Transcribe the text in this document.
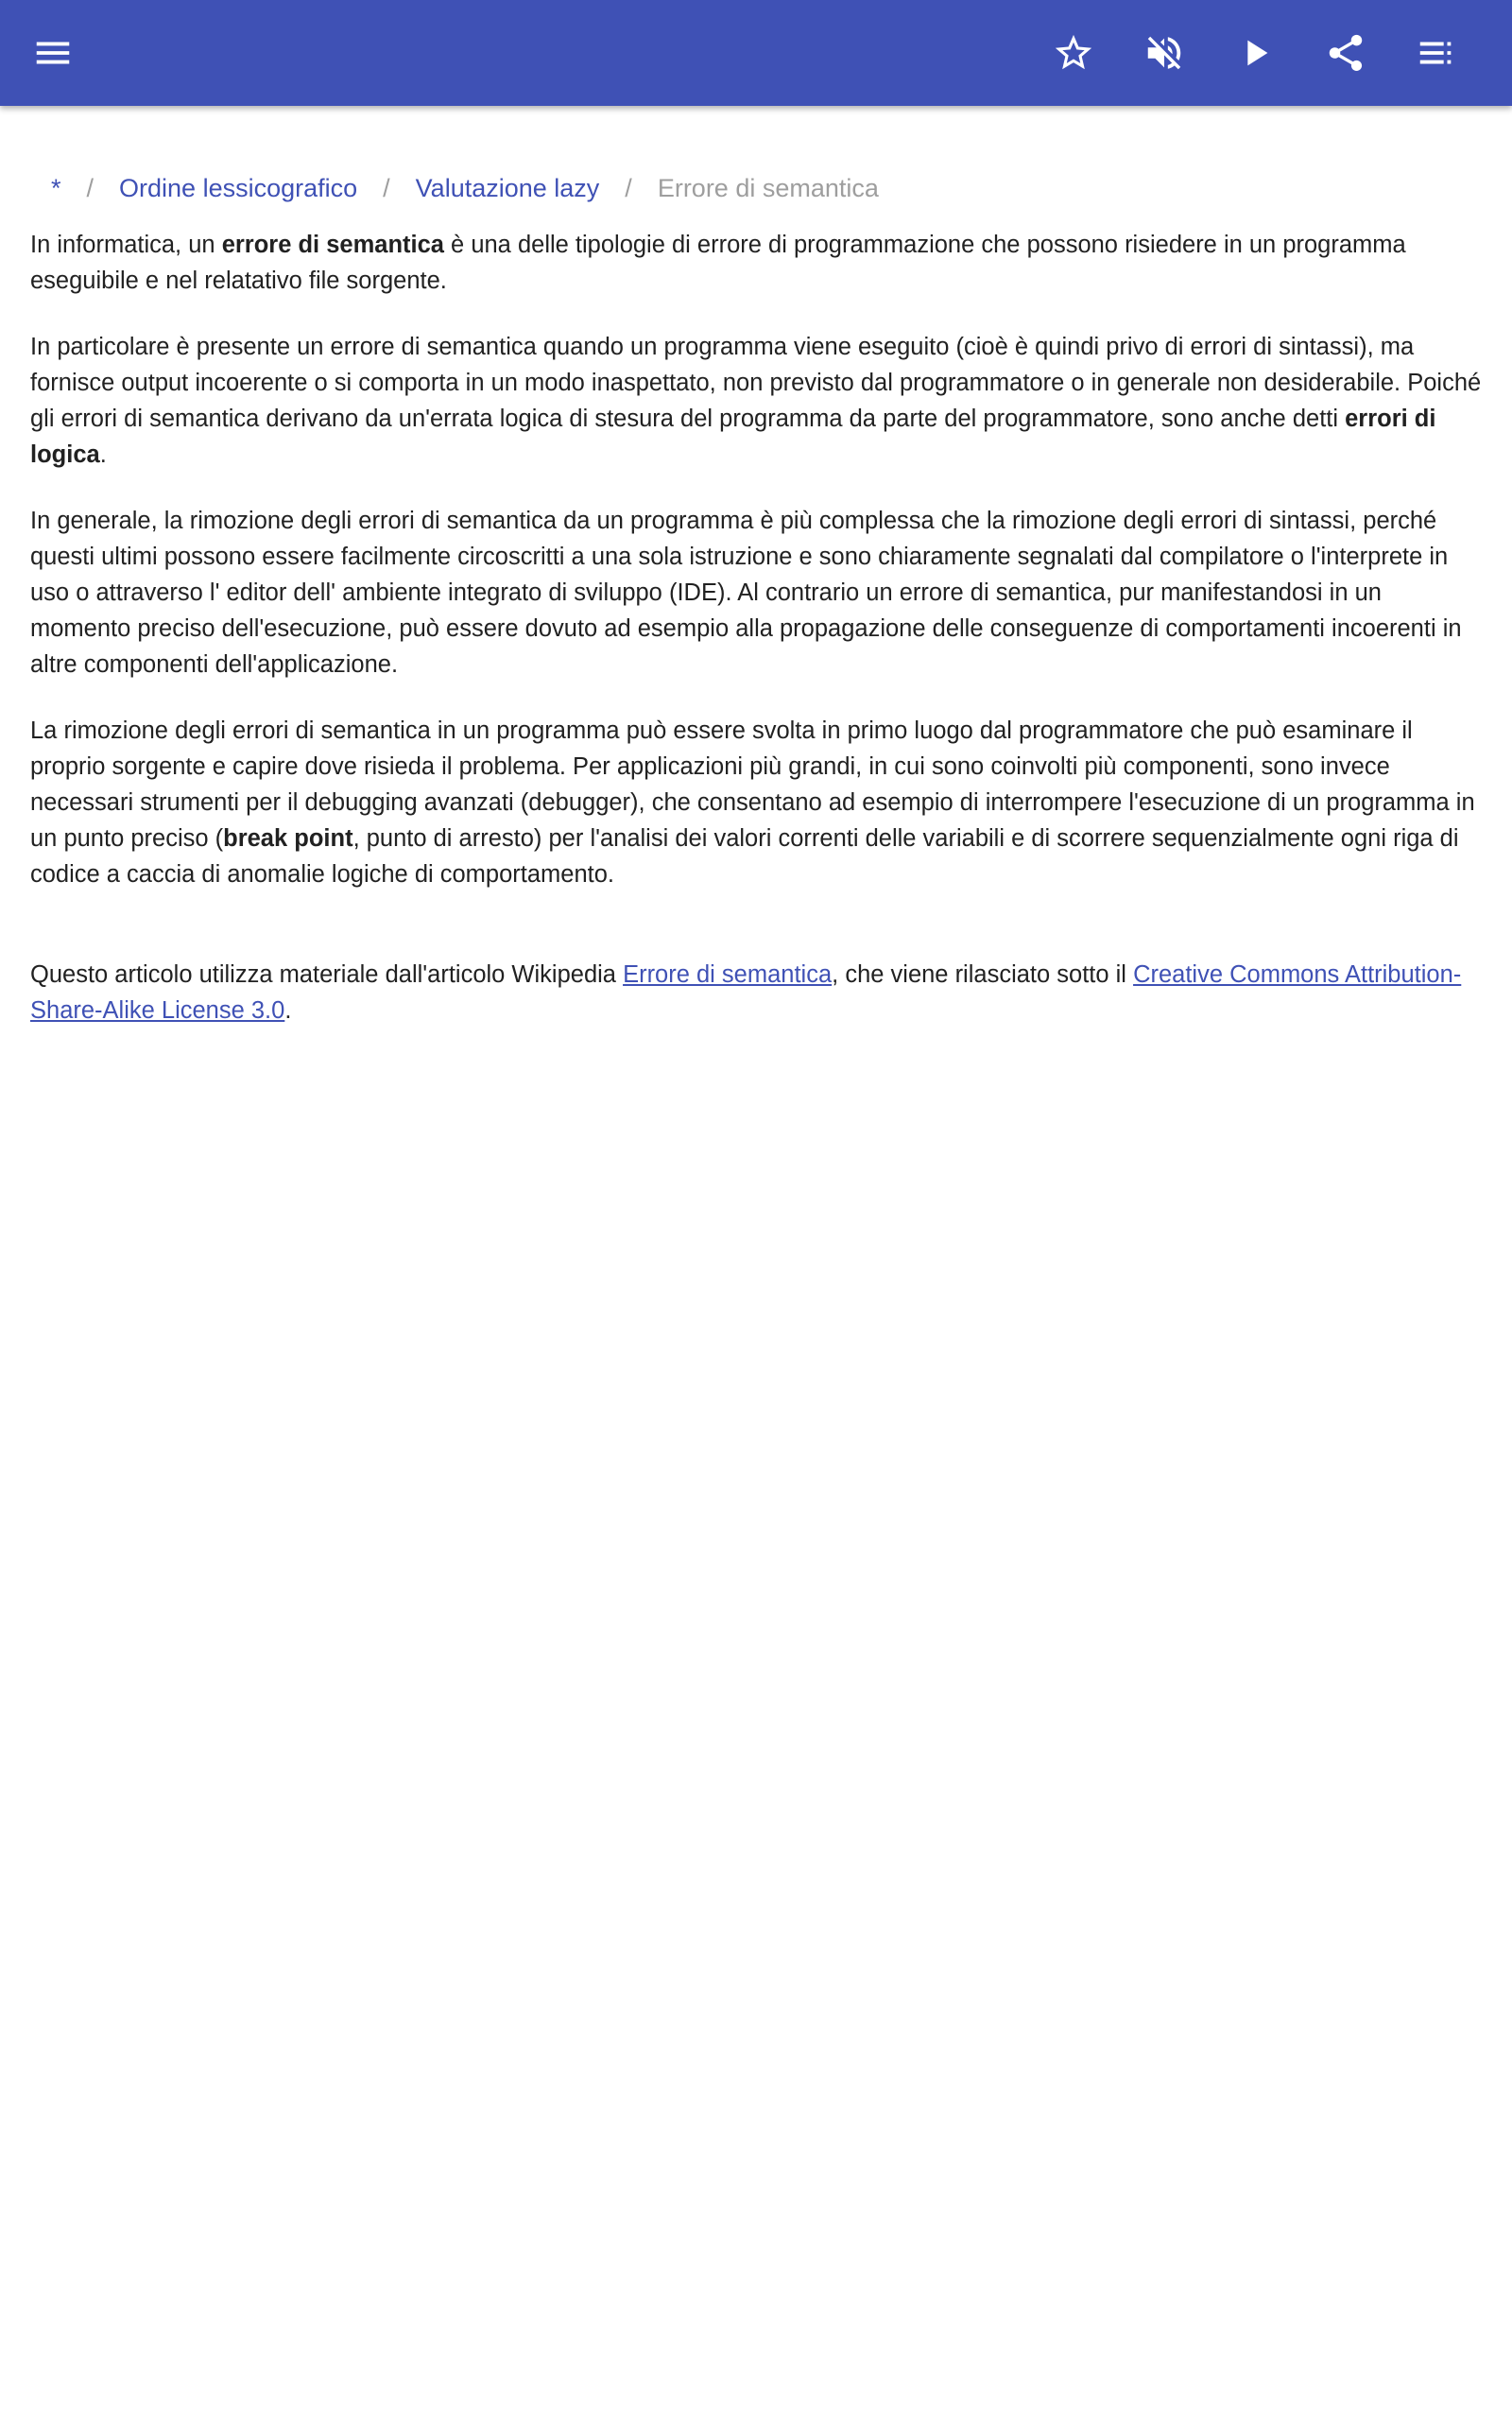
* / Ordine lessicografico / Valutazione lazy / Errore di semantica

In informatica, un errore di semantica è una delle tipologie di errore di programmazione che possono risiedere in un programma eseguibile e nel relatativo file sorgente.

In particolare è presente un errore di semantica quando un programma viene eseguito (cioè è quindi privo di errori di sintassi), ma fornisce output incoerente o si comporta in un modo inaspettato, non previsto dal programmatore o in generale non desiderabile. Poiché gli errori di semantica derivano da un'errata logica di stesura del programma da parte del programmatore, sono anche detti errori di logica.

In generale, la rimozione degli errori di semantica da un programma è più complessa che la rimozione degli errori di sintassi, perché questi ultimi possono essere facilmente circoscritti a una sola istruzione e sono chiaramente segnalati dal compilatore o l'interprete in uso o attraverso l' editor dell' ambiente integrato di sviluppo (IDE). Al contrario un errore di semantica, pur manifestandosi in un momento preciso dell'esecuzione, può essere dovuto ad esempio alla propagazione delle conseguenze di comportamenti incoerenti in altre componenti dell'applicazione.

La rimozione degli errori di semantica in un programma può essere svolta in primo luogo dal programmatore che può esaminare il proprio sorgente e capire dove risieda il problema. Per applicazioni più grandi, in cui sono coinvolti più componenti, sono invece necessari strumenti per il debugging avanzati (debugger), che consentano ad esempio di interrompere l'esecuzione di un programma in un punto preciso (break point, punto di arresto) per l'analisi dei valori correnti delle variabili e di scorrere sequenzialmente ogni riga di codice a caccia di anomalie logiche di comportamento.

Questo articolo utilizza materiale dall'articolo Wikipedia Errore di semantica, che viene rilasciato sotto il Creative Commons Attribution-Share-Alike License 3.0.
